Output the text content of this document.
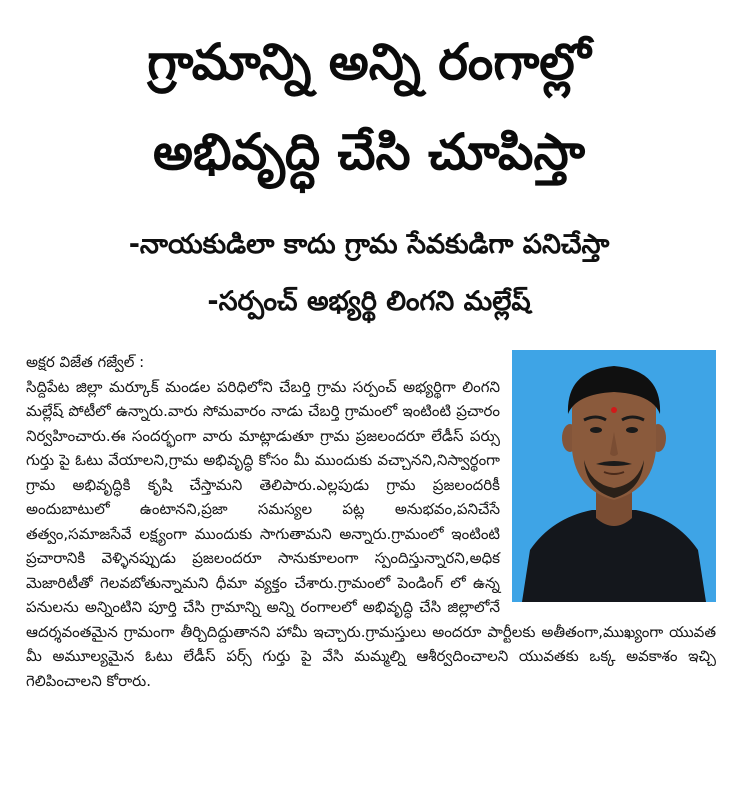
గ్రామాన్ని అన్ని రంగాల్లో
అభివృద్ధి చేసి చూపిస్తా
-నాయకుడిలా కాదు గ్రామ సేవకుడిగా పనిచేస్తా
-సర్పంచ్ అభ్యర్థి లింగని మల్లేష్
అక్షర విజేత గజ్వేల్ :
సిద్దిపేట జిల్లా మర్కూక్ మండల పరిధిలోని చేబర్తి గ్రామ సర్పంచ్ అభ్యర్థిగా లింగని మల్లేష్ పోటీలో ఉన్నారు.వారు సోమవారం నాడు చేబర్తి గ్రామంలో ఇంటింటి ప్రచారం నిర్వహించారు.ఈ సందర్భంగా వారు మాట్లాడుతూ గ్రామ ప్రజలందరూ లేడీస్ పర్సు గుర్తు పై ఓటు వేయాలని,గ్రామ అభివృద్ధి కోసం మీ ముందుకు వచ్చానని,నిస్వార్థంగా గ్రామ అభివృద్ధికి కృషి చేస్తామని తెలిపారు.ఎల్లపుడు గ్రామ ప్రజలందరికీ అందుబాటులో ఉంటానని,ప్రజా సమస్యల పట్ల అనుభవం,పనిచేసే తత్వం,సమాజసేవే లక్ష్యంగా ముందుకు సాగుతామని అన్నారు.గ్రామంలో ఇంటింటి ప్రచారానికి వెళ్ళినప్పుడు ప్రజలందరూ సానుకూలంగా స్పందిస్తున్నారని,అధిక మెజారిటీతో గెలవబోతున్నామని ధీమా వ్యక్తం చేశారు.గ్రామంలో పెండింగ్ లో ఉన్న పనులను అన్నింటిని పూర్తి చేసి గ్రామాన్ని అన్ని రంగాలలో అభివృద్ధి చేసి జిల్లాలోనే ఆదర్శవంతమైన గ్రామంగా తీర్చిదిద్దుతానని హామీ ఇచ్చారు.గ్రామస్తులు అందరూ పార్టీలకు అతీతంగా,ముఖ్యంగా యువత మీ అమూల్యమైన ఓటు లేడీస్ పర్స్ గుర్తు పై వేసి మమ్మల్ని ఆశీర్వదించాలని యువతకు ఒక్క అవకాశం ఇచ్చి గెలిపించాలని కోరారు.
